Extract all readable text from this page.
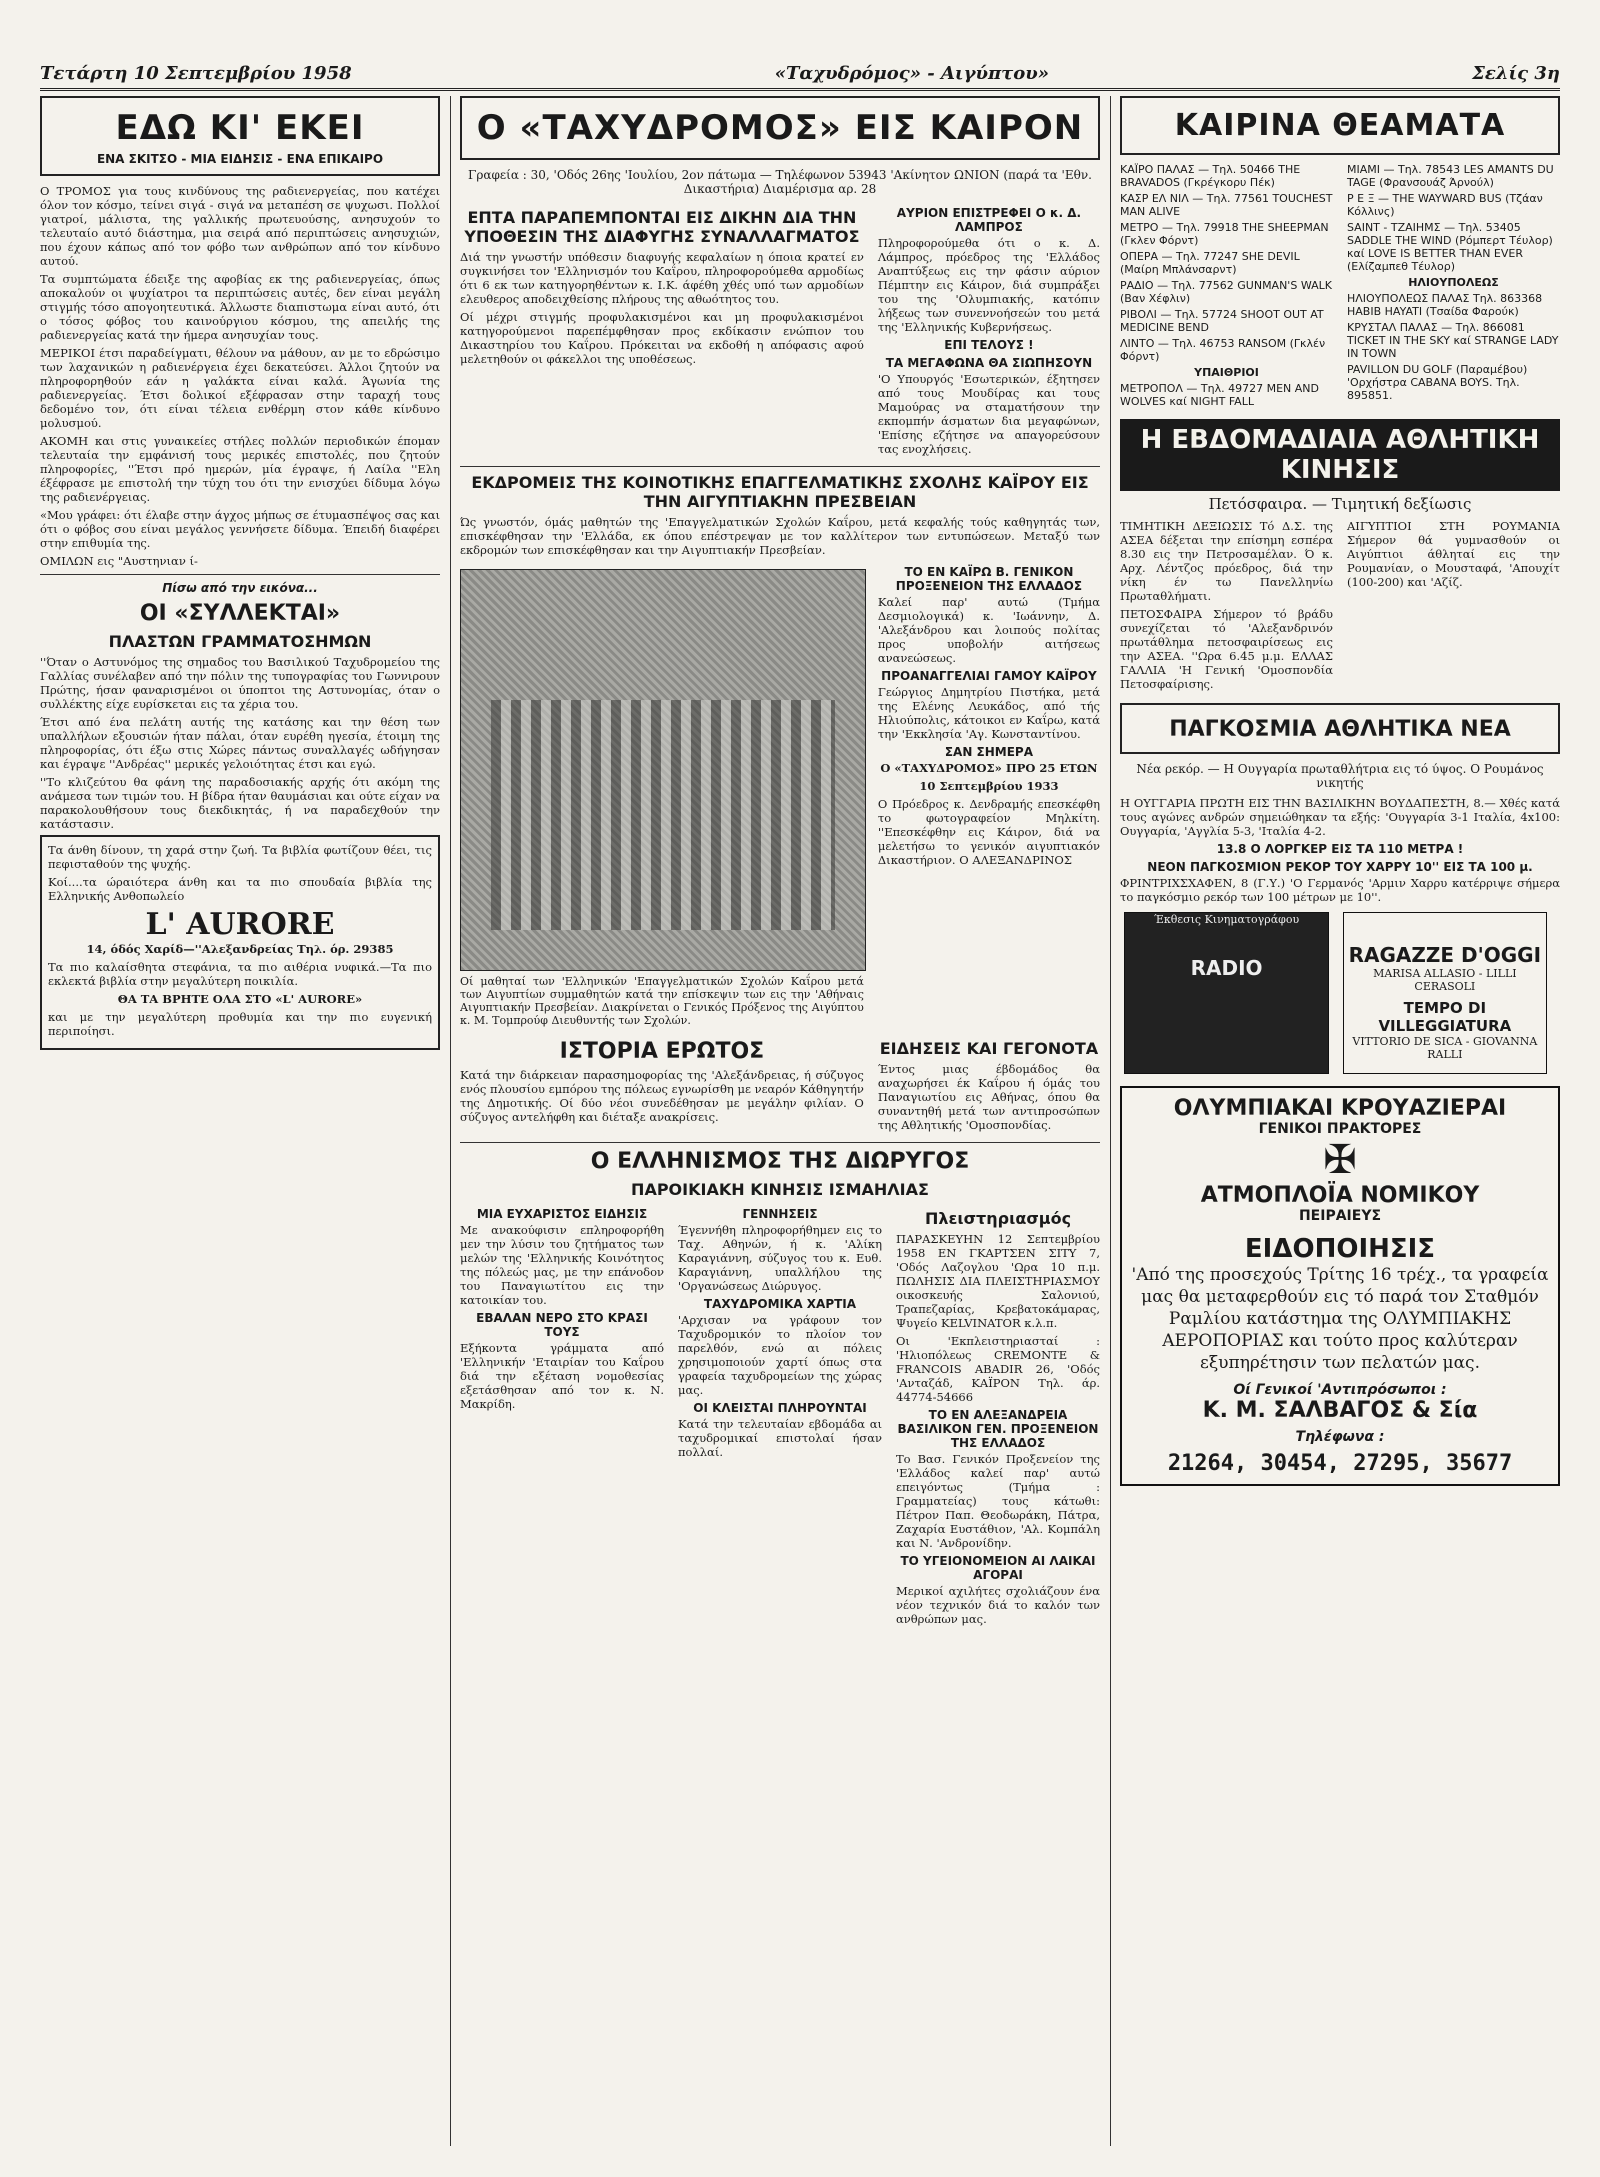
Τετάρτη 10 Σεπτεμβρίου 1958	«Ταχυδρόμος» - Αιγύπτου»	Σελίς 3η
ΕΔΩ ΚΙ' ΕΚΕΙ
ΕΝΑ ΣΚΙΤΣΟ - ΜΙΑ ΕΙΔΗΣΙΣ - ΕΝΑ ΕΠΙΚΑΙΡΟ

Ο ΤΡΟΜΟΣ για τους κινδύνους της ραδιενεργείας, που κατέχει όλον τον κόσμο, τείνει σιγά - σιγά να μεταπέση σε ψυχωσι. Πολλοί γιατροί, μάλιστα, της γαλλικής πρωτευούσης, ανησυχούν το τελευταίο αυτό διάστημα, μια σειρά από περιπτώσεις ανησυχιών, που έχουν κάπως από τον φόβο των ανθρώπων από τον κίνδυνο αυτού.

Τα συμπτώματα έδειξε της αφοβίας εκ της ραδιενεργείας, όπως αποκαλούν οι ψυχίατροι τα περιπτώσεις αυτές, δεν είναι μεγάλη στιγμής τόσο απογοητευτικά. Άλλωστε διαπιστωμα είναι αυτό, ότι ο τόσος φόβος του καινούργιου κόσμου, της απειλής της ραδιενεργείας κατά την ήμερα ανησυχίαν τους.

ΜΕΡΙΚΟΙ έτσι παραδείγματι, θέλουν να μάθουν, αν με το εδρώσιμο των λαχανικών η ραδιενέργεια έχει δεκατεύσει. Άλλοι ζητούν να πληροφορηθούν εάν η γαλάκτα είναι καλά. Άγωνία της ραδιενεργείας. Έτσι δολικοί εξέφρασαν στην ταραχή τους δεδομένο τον, ότι είναι τέλεια ενθέρμη στον κάθε κίνδυνο μολυσμού.

ΑΚΟΜΗ και στις γυναικείες στήλες πολλών περιοδικών έπομαν τελευταία την εμφάνισή τους μερικές επιστολές, που ζητούν πληροφορίες, ''Έτσι πρό ημερών, μία έγραψε, ή Λαίλα ''Ελη έξέφρασε με επιστολή την τύχη του ότι την ενισχύει δίδυμα λόγω της ραδιενέργειας.

«Μου γράφει: ότι έλαβε στην άγχος μήπως σε έτυμασπέψος σας και ότι ο φόβος σου είναι μεγάλος γεννήσετε δίδυμα. Έπειδή διαφέρει στην επιθυμία της.

ΟΜΙΛΩΝ εις "Αυστηνιαν ί-

Πίσω από την εικόνα...
ΟΙ «ΣΥΛΛΕΚΤΑΙ»
ΠΛΑΣΤΩΝ ΓΡΑΜΜΑΤΟΣΗΜΩΝ

''Όταν ο Αστυνόμος της σημαδος του Βασιλικού Ταχυδρομείου της Γαλλίας συνέλαβεν από την πόλιν της τυπογραφίας του Γωννιρουν Πρώτης, ήσαν φαναρισμένοι οι ύποπτοι της Αστυνομίας, όταν ο συλλέκτης είχε ευρίσκεται εις τα χέρια του.

Έτσι από ένα πελάτη αυτής της κατάσης και την θέση των υπαλλήλων εξουσιών ήταν πάλαι, όταν ευρέθη ηγεσία, έτοιμη της πληροφορίας, ότι έξω στις Χώρες πάντως συναλλαγές ωδήγησαν και έγραψε ''Ανδρέας'' μερικές γελοιότητας έτσι και εγώ.

''Το κλιζεύτου θα φάνη της παραδοσιακής αρχής ότι ακόμη της ανάμεσα των τιμών του. Η βίδρα ήταν θαυμάσιαι και ούτε είχαν να παρακολουθήσουν τους διεκδικητάς, ή να παραδεχθούν την κατάστασιν.

Τα άνθη δίνουν, τη χαρά στην ζωή. Τα βιβλία φωτίζουν θέει, τις πεφισταθούν της ψυχής.

Κοί....τα ώραιότερα άνθη και τα πιο σπουδαία βιβλία της Ελληνικής Ανθοπωλείο

L' AURORE

14, όδός Χαρίδ—''Αλεξανδρείας Τηλ. όρ. 29385

Τα πιο καλαίσθητα στεφάνια, τα πιο αιθέρια νυφικά.—Τα πιο εκλεκτά βιβλία στην μεγαλύτερη ποικιλία.

ΘΑ ΤΑ ΒΡΗΤΕ ΟΛΑ ΣΤΟ «L' AURORE»

και με την μεγαλύτερη προθυμία και την πιο ευγενική περιποίησι.

Ο «ΤΑΧΥΔΡΟΜΟΣ» ΕΙΣ ΚΑΙΡΟΝ
Γραφεία : 30, 'Οδός 26ης 'Ιουλίου, 2ον πάτωμα — Τηλέφωνον 53943 'Ακίνητον ΩΝΙΟΝ (παρά τα 'Εθν. Δικαστήρια) Διαμέρισμα αρ. 28
ΕΠΤΑ ΠΑΡΑΠΕΜΠΟΝΤΑΙ ΕΙΣ ΔΙΚΗΝ ΔΙΑ ΤΗΝ ΥΠΟΘΕΣΙΝ ΤΗΣ ΔΙΑΦΥΓΗΣ ΣΥΝΑΛΛΑΓΜΑΤΟΣ

Διά την γνωστήν υπόθεσιν διαφυγής κεφαλαίων η όποια κρατεί εν συγκινήσει τον 'Ελληνισμόν του Καΐρου, πληροφορούμεθα αρμοδίως ότι 6 εκ των κατηγορηθέντων κ. Ι.Κ. άφέθη χθές υπό των αρμοδίων ελευθερος αποδειχθείσης πλήρους της αθωότητος του.

Οί μέχρι στιγμής προφυλακισμένοι και μη προφυλακισμένοι κατηγορούμενοι παρεπέμφθησαν προς εκδίκασιν ενώπιον του Δικαστηρίου του Καΐρου. Πρόκειται να εκδοθή η απόφασις αφού μελετηθούν οι φάκελλοι της υποθέσεως.

ΑΥΡΙΟΝ ΕΠΙΣΤΡΕΦΕΙ Ο κ. Δ. ΛΑΜΠΡΟΣ

Πληροφορούμεθα ότι ο κ. Δ. Λάμπρος, πρόεδρος της 'Ελλάδος Αναπτύξεως εις την φάσιν αύριον Πέμπτην εις Κάιρον, διά συμπράξει του της 'Ολυμπιακής, κατόπιν λήξεως των συνεννοήσεών του μετά της 'Ελληνικής Κυβερνήσεως.

ΕΠΙ ΤΕΛΟΥΣ !
ΤΑ ΜΕΓΑΦΩΝΑ ΘΑ ΣΙΩΠΗΣΟΥΝ

'Ο Υπουργός 'Εσωτερικών, έξητησεν από τους Μουδίρας και τους Μαμούρας να σταματήσουν την εκπομπήν άσματων δια μεγαφώνων, 'Επίσης εζήτησε να απαγορεύσουν τας ενοχλήσεις.

ΕΚΔΡΟΜΕΙΣ ΤΗΣ ΚΟΙΝΟΤΙΚΗΣ ΕΠΑΓΓΕΛΜΑΤΙΚΗΣ ΣΧΟΛΗΣ ΚΑΪΡΟΥ ΕΙΣ ΤΗΝ ΑΙΓΥΠΤΙΑΚΗΝ ΠΡΕΣΒΕΙΑΝ

Ώς γνωστόν, όμάς μαθητών της 'Επαγγελματικών Σχολών Καΐρου, μετά κεφαλής τούς καθηγητάς των, επισκέφθησαν την 'Ελλάδα, εκ όπου επέστρεψαν με τον καλλίτερον των εντυπώσεων. Μεταξύ των εκδρομών των επισκέφθησαν και την Αιγυπτιακήν Πρεσβείαν.

Οί μαθηταί των 'Ελληνικών 'Επαγγελματικών Σχολών Καΐρου μετά των Αιγυπτίων συμμαθητών κατά την επίσκεψιν των εις την 'Αθήναις Αιγυπτιακήν Πρεσβείαν. Διακρίνεται ο Γενικός Πρόξενος της Αιγύπτου κ. Μ. Τομπρούφ Διευθυντής των Σχολών.
ΤΟ ΕΝ ΚΑΪΡΩ Β. ΓΕΝΙΚΟΝ ΠΡΟΞΕΝΕΙΟΝ ΤΗΣ ΕΛΛΑΔΟΣ

Καλεί παρ' αυτώ (Τμήμα Δεσμιολογικά) κ. 'Ιωάννην, Δ. 'Αλεξάνδρου και λοιπούς πολίτας προς υποβολήν αιτήσεως ανανεώσεως.

ΠΡΟΑΝΑΓΓΕΛΙΑΙ ΓΑΜΟΥ ΚΑΪΡΟΥ

Γεώργιος Δημητρίου Πιστήκα, μετά της Ελένης Λευκάδος, από τής Ηλιούπολις, κάτοικοι εν Καΐρω, κατά την 'Εκκλησία 'Αγ. Κωνσταντίνου.

ΣΑΝ ΣΗΜΕΡΑ

Ο «ΤΑΧΥΔΡΟΜΟΣ» ΠΡΟ 25 ΕΤΩΝ

10 Σεπτεμβρίου 1933

Ο Πρόεδρος κ. Δενδραμής επεσκέφθη το φωτογραφείον Μηλκίτη. ''Επεσκέφθην εις Κάιρον, διά να μελετήσω το γενικόν αιγυπτιακόν Δικαστήριον. Ο ΑΛΕΞΑΝΔΡΙΝΟΣ

ΙΣΤΟΡΙΑ ΕΡΩΤΟΣ

Κατά την διάρκειαν παρασημοφορίας της 'Αλεξάνδρειας, ή σύζυγος ενός πλουσίου εμπόρου της πόλεως εγνωρίσθη με νεαρόν Κάθηγητήν της Δημοτικής. Οί δύο νέοι συνεδέθησαν με μεγάλην φιλίαν. Ο σύζυγος αντελήφθη και διέταξε ανακρίσεις.

ΕΙΔΗΣΕΙΣ ΚΑΙ ΓΕΓΟΝΟΤΑ

Έντος μιας έβδομάδος θα αναχωρήσει έκ Καΐρου ή όμάς του Παναγιωτίου εις Αθήνας, όπου θα συναντηθή μετά των αντιπροσώπων της Αθλητικής 'Ομοσπονδίας.

Ο ΕΛΛΗΝΙΣΜΟΣ ΤΗΣ ΔΙΩΡΥΓΟΣ
ΠΑΡΟΙΚΙΑΚΗ ΚΙΝΗΣΙΣ ΙΣΜΑΗΛΙΑΣ
ΜΙΑ ΕΥΧΑΡΙΣΤΟΣ ΕΙΔΗΣΙΣ

Με ανακούφισιν επληροφορήθη μεν την λύσιν του ζητήματος των μελών της 'Ελληνικής Κοινότητος της πόλεώς μας, με την επάνοδον του Παναγιωτίτου εις την κατοικίαν του.

ΕΒΑΛΑΝ ΝΕΡΟ ΣΤΟ ΚΡΑΣΙ ΤΟΥΣ

Εξήκοντα γράμματα από 'Ελληνικήν 'Εταιρίαν του Καΐρου διά την εξέταση νομοθεσίας εξετάσθησαν από τον κ. Ν. Μακρίδη.

ΓΕΝΝΗΣΕΙΣ

Έγεννήθη πληροφορήθημεν εις το Ταχ. Αθηνών, ή κ. 'Αλίκη Καραγιάννη, σύζυγος του κ. Ευθ. Καραγιάννη, υπαλλήλου της 'Οργανώσεως Διώρυγος.

ΤΑΧΥΔΡΟΜΙΚΑ ΧΑΡΤΙΑ

'Αρχισαν να γράφουν τον Ταχυδρομικόν το πλοίον τον παρελθόν, ενώ αι πόλεις χρησιμοποιούν χαρτί όπως στα γραφεία ταχυδρομείων της χώρας μας.

ΟΙ ΚΛΕΙΣΤΑΙ ΠΛΗΡΟΥΝΤΑΙ

Κατά την τελευταίαν εβδομάδα αι ταχυδρομικαί επιστολαί ήσαν πολλαί.

Πλειστηριασμός

ΠΑΡΑΣΚΕΥΗΝ 12 Σεπτεμβρίου 1958 ΕΝ ΓΚΑΡΤΣΕΝ ΣΙΤΥ 7, 'Οδός Λαζογλου 'Ωρα 10 π.μ. ΠΩΛΗΣΙΣ ΔΙΑ ΠΛΕΙΣΤΗΡΙΑΣΜΟΥ οικοσκευής Σαλονιού, Τραπεζαρίας, Κρεβατοκάμαρας, Ψυγείο KELVINATOR κ.λ.π.

Οι 'Εκπλειστηριασταί : 'Ηλιοπόλεως CREMONTE & FRANCOIS ABADIR 26, 'Οδός 'Ανταζάδ, ΚΑΪΡΟΝ Τηλ. άρ. 44774-54666

ΤΟ ΕΝ ΑΛΕΞΑΝΔΡΕΙΑ ΒΑΣΙΛΙΚΟΝ ΓΕΝ. ΠΡΟΞΕΝΕΙΟΝ ΤΗΣ ΕΛΛΑΔΟΣ

Το Βασ. Γενικόν Προξενείον της 'Ελλάδος καλεί παρ' αυτώ επειγόντως (Τμήμα : Γραμματείας) τους κάτωθι: Πέτρον Παπ. Θεοδωράκη, Πάτρα, Ζαχαρία Ευστάθιον, 'Αλ. Κομπάλη και Ν. 'Ανδρονίδην.

ΤΟ ΥΓΕΙΟΝΟΜΕΙΟΝ ΑΙ ΛΑΙΚΑΙ ΑΓΟΡΑΙ

Μερικοί αχιλήτες σχολιάζουν ένα νέον τεχνικόν διά το καλόν των ανθρώπων μας.

ΚΑΙΡΙΝΑ ΘΕΑΜΑΤΑ
ΚΑΪΡΟ ΠΑΛΑΣ — Τηλ. 50466 THE BRAVADOS (Γκρέγκορυ Πέκ)
ΚΑΣΡ ΕΛ ΝΙΛ — Τηλ. 77561 TOUCHEST MAN ALIVE
ΜΕΤΡΟ — Τηλ. 79918 THE SHEEPMAN (Γκλεν Φόρντ)
ΟΠΕΡΑ — Τηλ. 77247 SHE DEVIL (Μαίρη Μπλάνσαρντ)
ΡΑΔΙΟ — Τηλ. 77562 GUNMAN'S WALK (Βαν Χέφλιν)
ΡΙΒΟΛΙ — Τηλ. 57724 SHOOT OUT AT MEDICINE BEND
ΛΙΝΤΟ — Τηλ. 46753 RANSOM (Γκλέν Φόρντ)
ΥΠΑΙΘΡΙΟΙ
ΜΕΤΡΟΠΟΛ — Τηλ. 49727 MEN AND WOLVES καί NIGHT FALL
ΜΙΑΜΙ — Τηλ. 78543 LES AMANTS DU TAGE (Φρανσουάζ Άρνούλ)
Ρ Ε Ξ — THE WAYWARD BUS (Τζάαν Κόλλινς)
SAINT - ΤΖΑΙΗΜΣ — Τηλ. 53405 SADDLE THE WIND (Ρόμπερτ Τέυλορ) καί LOVE IS BETTER THAN EVER (Ελίζαμπεθ Τέυλορ)
ΗΛΙΟΥΠΟΛΕΩΣ
ΗΛΙΟΥΠΟΛΕΩΣ ΠΑΛΑΣ Τηλ. 863368 HABIB HAYATI (Τσαίδα Φαρούκ)
ΚΡΥΣΤΑΛ ΠΑΛΑΣ — Τηλ. 866081 TICKET IN THE SKY καί STRANGE LADY IN TOWN
PAVILLON DU GOLF (Παραμέβου) 'Ορχήστρα CABANA BOYS. Τηλ. 895851.
Η ΕΒΔΟΜΑΔΙΑΙΑ ΑΘΛΗΤΙΚΗ ΚΙΝΗΣΙΣ
Πετόσφαιρα. — Τιμητική δεξίωσις

ΤΙΜΗΤΙΚΗ ΔΕΞΙΩΣΙΣ Τό Δ.Σ. της ΑΣΕΑ δέξεται την επίσημη εσπέρα 8.30 εις την Πετροσαμέλαν. Ό κ. Αρχ. Λέντζος πρόεδρος, διά την νίκη έν τω Πανελληνίω Πρωταθλήματι.

ΠΕΤΟΣΦΑΙΡΑ Σήμερον τό βράδυ συνεχίζεται τό 'Αλεξανδρινόν πρωτάθλημα πετοσφαιρίσεως εις την ΑΣΕΑ. ''Ωρα 6.45 μ.μ. ΕΛΛΑΣ ΓΑΛΛΙΑ 'Η Γενική 'Ομοσπονδία Πετοσφαίρισης.

ΑΙΓΥΠΤΙΟΙ ΣΤΗ ΡΟΥΜΑΝΙΑ Σήμερον θά γυμνασθούν οι Αιγύπτιοι άθληταί εις την Ρουμανίαν, ο Μουσταφά, 'Απουχίτ (100-200) και 'Αζίζ.

ΠΑΓΚΟΣΜΙΑ ΑΘΛΗΤΙΚΑ ΝΕΑ
Νέα ρεκόρ. — Η Ουγγαρία πρωταθλήτρια εις τό ύψος. Ο Ρουμάνος νικητής

Η ΟΥΓΓΑΡΙΑ ΠΡΩΤΗ ΕΙΣ ΤΗΝ ΒΑΣΙΛΙΚΗΝ ΒΟΥΔΑΠΕΣΤΗ, 8.— Χθές κατά τους αγώνες ανδρών σημειώθηκαν τα εξής: 'Ουγγαρία 3-1 Ιταλία, 4x100: Ουγγαρία, 'Αγγλία 5-3, 'Ιταλία 4-2.

13.8 Ο ΛΟΡΓΚΕΡ ΕΙΣ ΤΑ 110 ΜΕΤΡΑ !
ΝΕΟΝ ΠΑΓΚΟΣΜΙΟΝ ΡΕΚΟΡ ΤΟΥ ΧΑΡΡΥ 10'' ΕΙΣ ΤΑ 100 μ.

ΦΡΙΝΤΡΙΧΣΧΑΦΕΝ, 8 (Γ.Υ.) 'Ο Γερμανός 'Αρμιν Χαρρυ κατέρριψε σήμερα το παγκόσμιο ρεκόρ των 100 μέτρων με 10''.

Έκθεσις Κινηματογράφου
RADIO

RAGAZZE D'OGGI
MARISA ALLASIO - LILLI CERASOLI
TEMPO DI VILLEGGIATURA
VITTORIO DE SICA - GIOVANNA RALLI
ΟΛΥΜΠΙΑΚΑΙ ΚΡΟΥΑΖΙΕΡΑΙ
ΓΕΝΙΚΟΙ ΠΡΑΚΤΟΡΕΣ
✠
ΑΤΜΟΠΛΟΪΑ ΝΟΜΙΚΟΥ
ΠΕΙΡΑΙΕΥΣ
ΕΙΔΟΠΟΙΗΣΙΣ
'Από της προσεχούς Τρίτης 16 τρέχ., τα γραφεία μας θα μεταφερθούν εις τό παρά τον Σταθμόν Ραμλίου κατάστημα της ΟΛΥΜΠΙΑΚΗΣ ΑΕΡΟΠΟΡΙΑΣ και τούτο προς καλύτεραν εξυπηρέτησιν των πελατών μας.
Οί Γενικοί 'Αντιπρόσωποι :
Κ. Μ. ΣΑΛΒΑΓΟΣ & Σία
Τηλέφωνα :
21264, 30454, 27295, 35677
